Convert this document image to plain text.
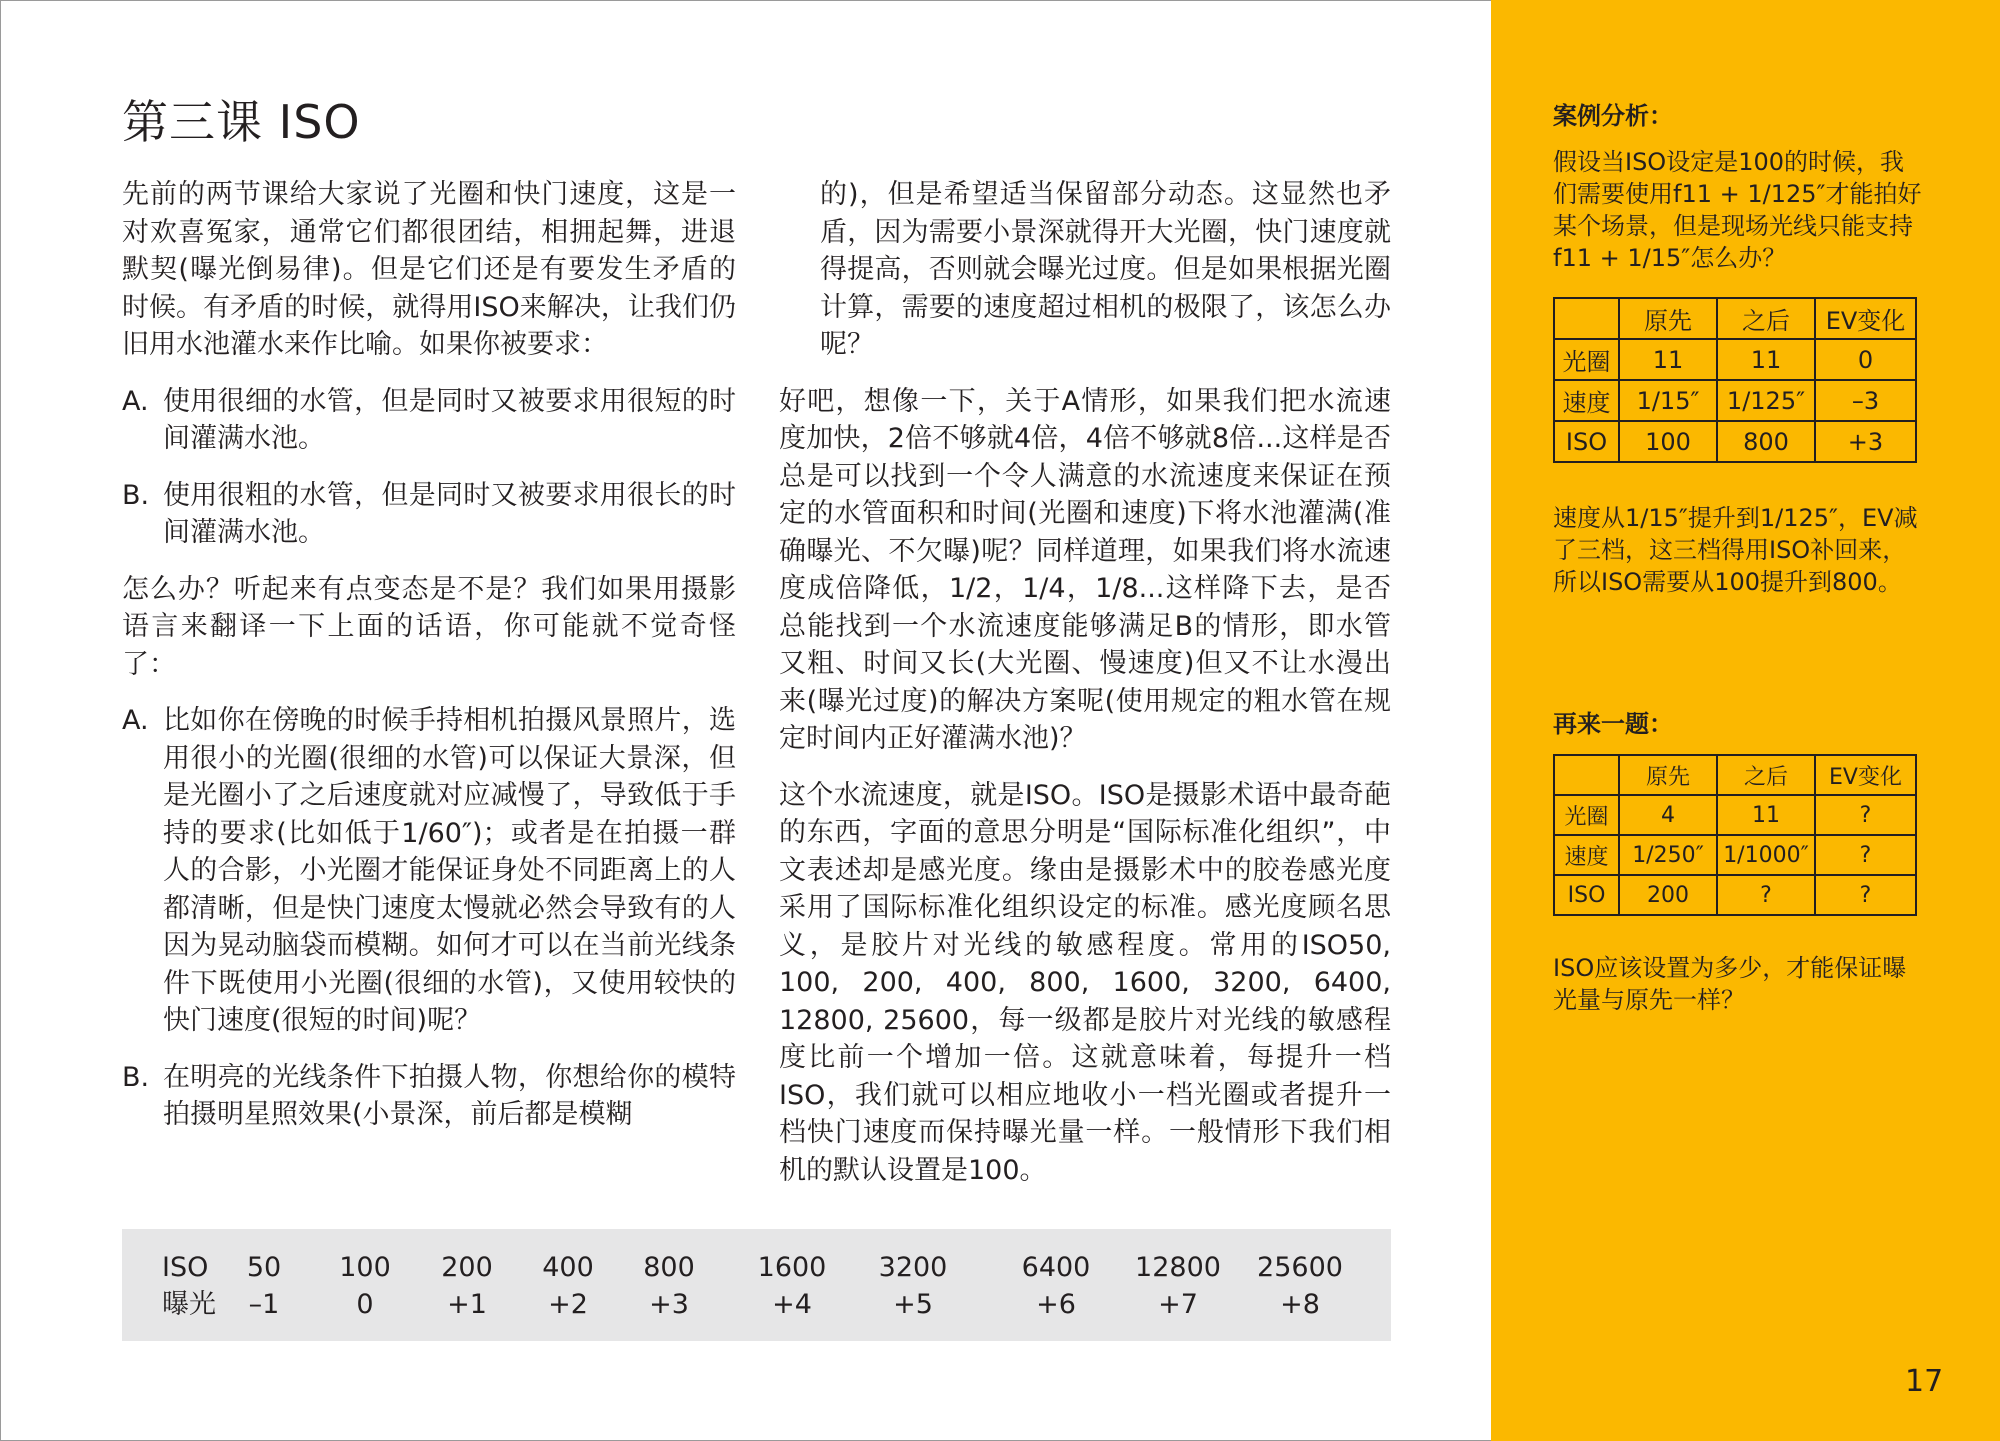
第三课 ISO

先前的两节课给大家说了光圈和快门速度，这是一对欢喜冤家，通常它们都很团结，相拥起舞，进退默契(曝光倒易律)。但是它们还是有要发生矛盾的时候。有矛盾的时候，就得用ISO来解决，让我们仍旧用水池灌水来作比喻。如果你被要求：

A. 使用很细的水管，但是同时又被要求用很短的时间灌满水池。
B. 使用很粗的水管，但是同时又被要求用很长的时间灌满水池。

怎么办？听起来有点变态是不是？我们如果用摄影语言来翻译一下上面的话语，你可能就不觉奇怪了：

A. 比如你在傍晚的时候手持相机拍摄风景照片，选用很小的光圈(很细的水管)可以保证大景深，但是光圈小了之后速度就对应减慢了，导致低于手持的要求(比如低于1/60″)；或者是在拍摄一群人的合影，小光圈才能保证身处不同距离上的人都清晰，但是快门速度太慢就必然会导致有的人因为晃动脑袋而模糊。如何才可以在当前光线条件下既使用小光圈(很细的水管)，又使用较快的快门速度(很短的时间)呢？
B. 在明亮的光线条件下拍摄人物，你想给你的模特拍摄明星照效果(小景深，前后都是模糊

的)，但是希望适当保留部分动态。这显然也矛盾，因为需要小景深就得开大光圈，快门速度就得提高，否则就会曝光过度。但是如果根据光圈计算，需要的速度超过相机的极限了，该怎么办呢？

好吧，想像一下，关于A情形，如果我们把水流速度加快，2倍不够就4倍，4倍不够就8倍...这样是否总是可以找到一个令人满意的水流速度来保证在预定的水管面积和时间(光圈和速度)下将水池灌满(准确曝光、不欠曝)呢？同样道理，如果我们将水流速度成倍降低，1/2，1/4，1/8...这样降下去，是否总能找到一个水流速度能够满足B的情形，即水管又粗、时间又长(大光圈、慢速度)但又不让水漫出来(曝光过度)的解决方案呢(使用规定的粗水管在规定时间内正好灌满水池)？

这个水流速度，就是ISO。ISO是摄影术语中最奇葩的东西，字面的意思分明是“国际标准化组织”，中文表述却是感光度。缘由是摄影术中的胶卷感光度采用了国际标准化组织设定的标准。感光度顾名思义，是胶片对光线的敏感程度。常用的ISO50, 100, 200, 400, 800, 1600, 3200, 6400, 12800, 25600，每一级都是胶片对光线的敏感程度比前一个增加一倍。这就意味着，每提升一档ISO，我们就可以相应地收小一档光圈或者提升一档快门速度而保持曝光量一样。一般情形下我们相机的默认设置是100。

ISO	50	100	200	400	800	1600	3200	6400	12800	25600
曝光	–1	0	+1	+2	+3	+4	+5	+6	+7	+8
案例分析：
假设当ISO设定是100的时候，我们需要使用f11 + 1/125″才能拍好某个场景，但是现场光线只能支持f11 + 1/15″怎么办？
	原先	之后	EV变化
光圈	11	11	0
速度	1/15″	1/125″	–3
ISO	100	800	+3
速度从1/15″提升到1/125″，EV减了三档，这三档得用ISO补回来，所以ISO需要从100提升到800。
再来一题：
	原先	之后	EV变化
光圈	4	11	?
速度	1/250″	1/1000″	?
ISO	200	?	?
ISO应该设置为多少，才能保证曝光量与原先一样？
17
